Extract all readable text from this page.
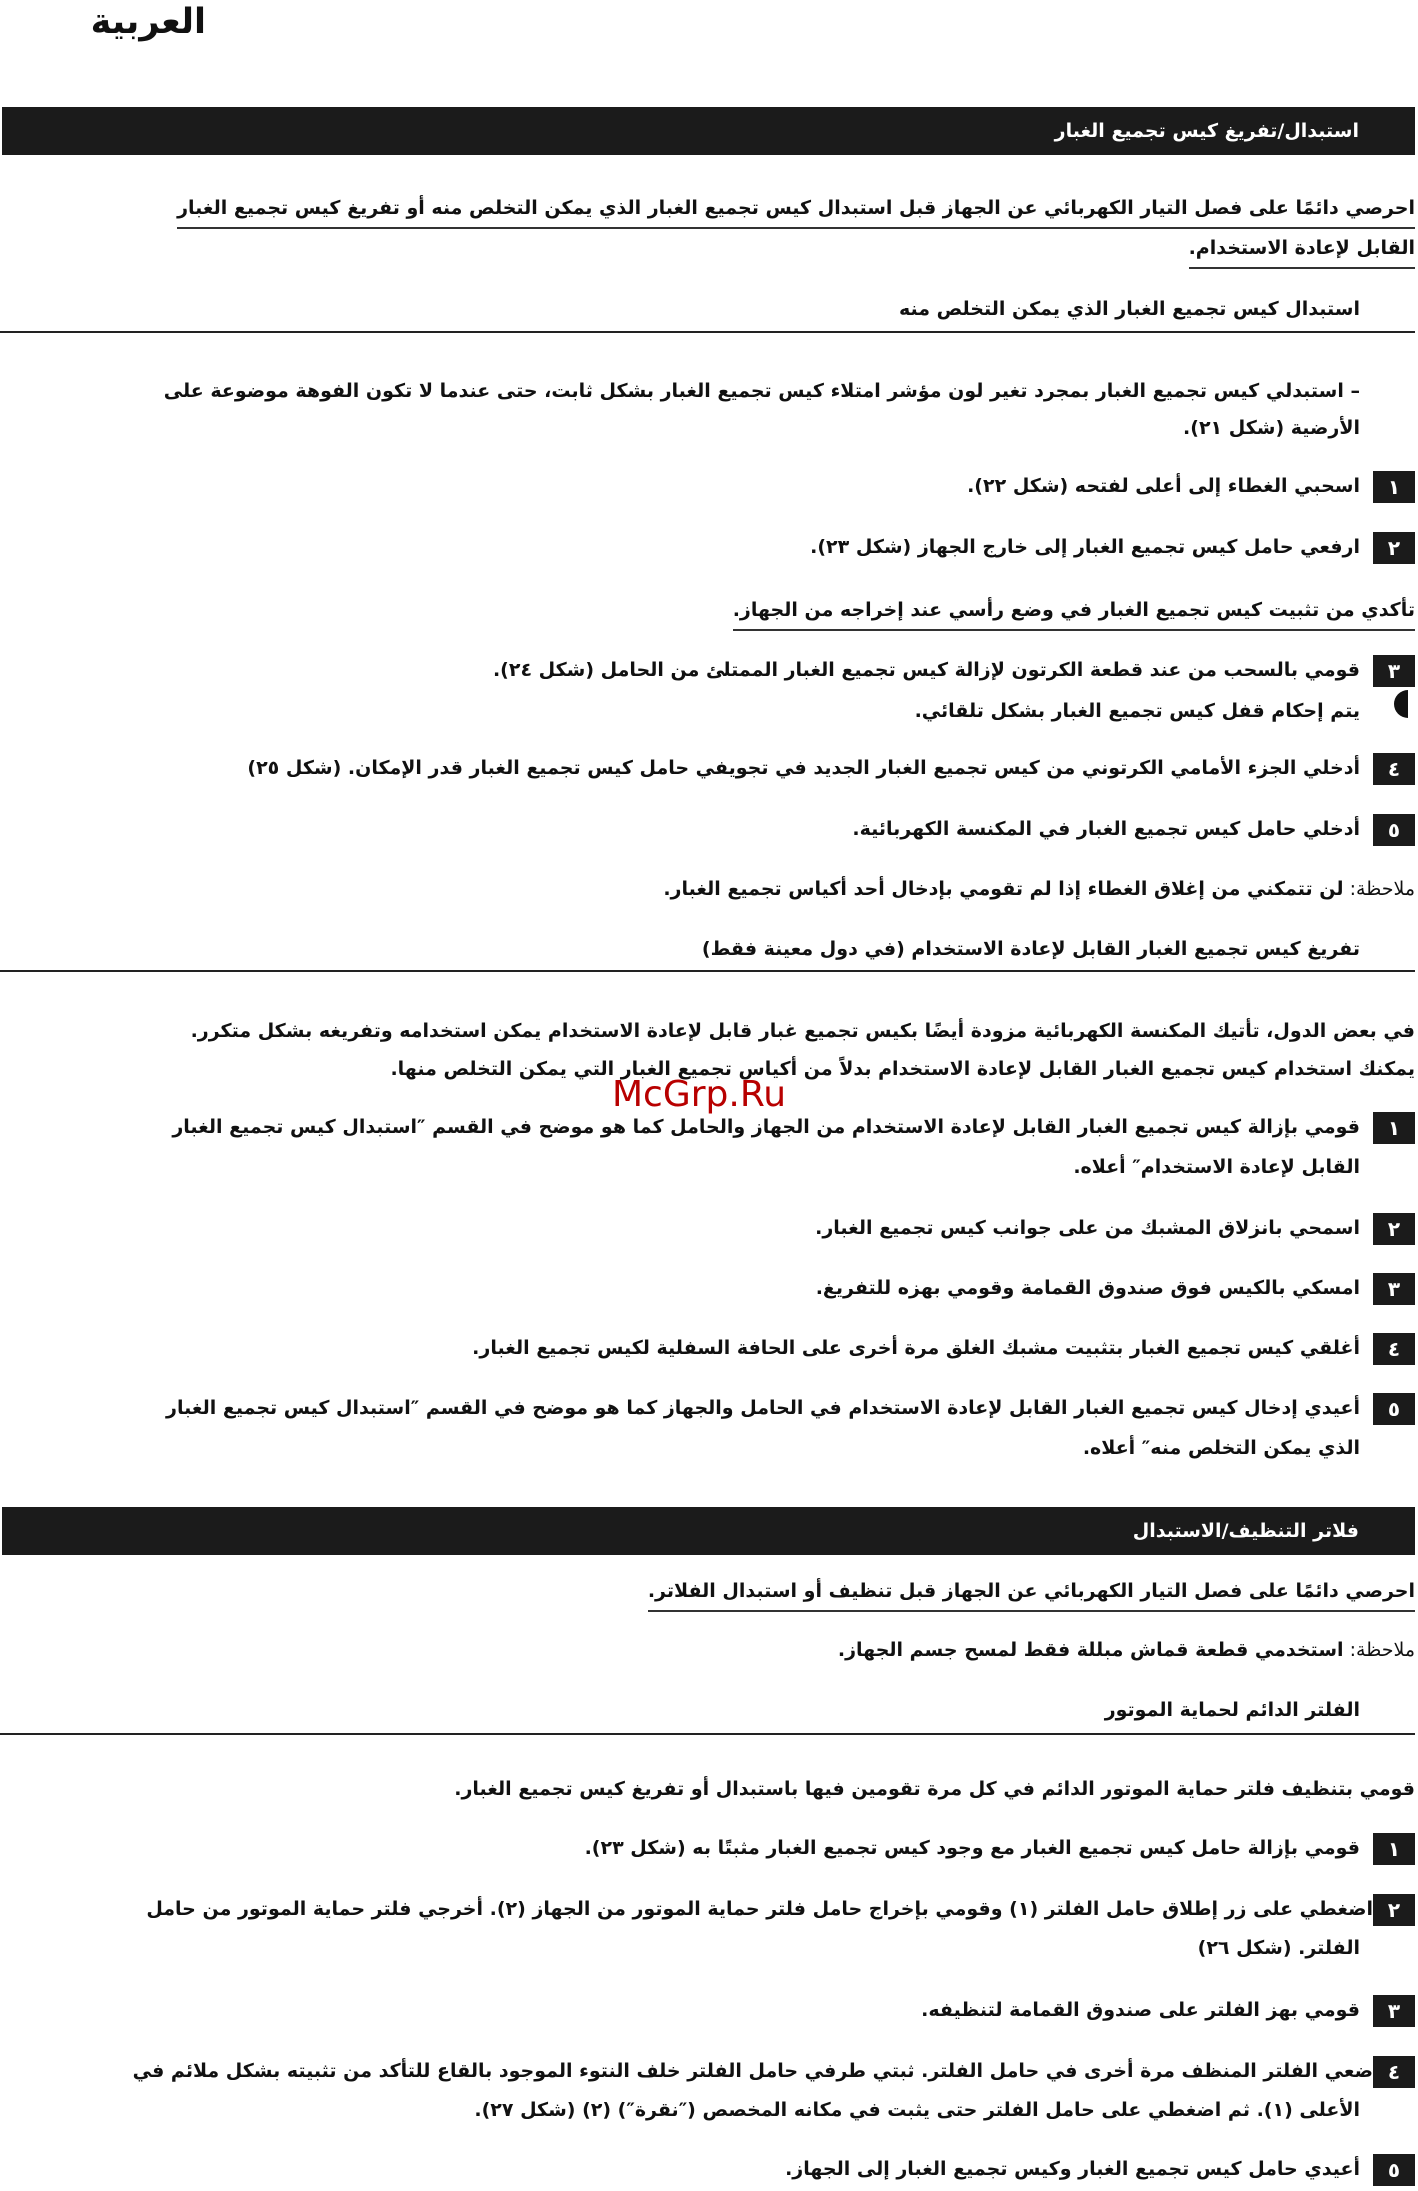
العربية
استبدال/تفريغ كيس تجميع الغبار
احرصي دائمًا على فصل التيار الكهربائي عن الجهاز قبل استبدال كيس تجميع الغبار الذي يمكن التخلص منه أو تفريغ كيس تجميع الغبار
القابل لإعادة الاستخدام.
استبدال كيس تجميع الغبار الذي يمكن التخلص منه
– استبدلي كيس تجميع الغبار بمجرد تغير لون مؤشر امتلاء كيس تجميع الغبار بشكل ثابت، حتى عندما لا تكون الفوهة موضوعة على
الأرضية (شكل ٢١).
١
اسحبي الغطاء إلى أعلى لفتحه (شكل ٢٢).
٢
ارفعي حامل كيس تجميع الغبار إلى خارج الجهاز (شكل ٢٣).
تأكدي من تثبيت كيس تجميع الغبار في وضع رأسي عند إخراجه من الجهاز.
٣
قومي بالسحب من عند قطعة الكرتون لإزالة كيس تجميع الغبار الممتلئ من الحامل (شكل ٢٤).
يتم إحكام قفل كيس تجميع الغبار بشكل تلقائي.
٤
أدخلي الجزء الأمامي الكرتوني من كيس تجميع الغبار الجديد في تجويفي حامل كيس تجميع الغبار قدر الإمكان. (شكل ٢٥)
٥
أدخلي حامل كيس تجميع الغبار في المكنسة الكهربائية.
ملاحظة: لن تتمكني من إغلاق الغطاء إذا لم تقومي بإدخال أحد أكياس تجميع الغبار.
تفريغ كيس تجميع الغبار القابل لإعادة الاستخدام (في دول معينة فقط)
في بعض الدول، تأتيك المكنسة الكهربائية مزودة أيضًا بكيس تجميع غبار قابل لإعادة الاستخدام يمكن استخدامه وتفريغه بشكل متكرر.
يمكنك استخدام كيس تجميع الغبار القابل لإعادة الاستخدام بدلاً من أكياس تجميع الغبار التي يمكن التخلص منها.
McGrp.Ru
١
قومي بإزالة كيس تجميع الغبار القابل لإعادة الاستخدام من الجهاز والحامل كما هو موضح في القسم ″استبدال كيس تجميع الغبار
القابل لإعادة الاستخدام″ أعلاه.
٢
اسمحي بانزلاق المشبك من على جوانب كيس تجميع الغبار.
٣
امسكي بالكيس فوق صندوق القمامة وقومي بهزه للتفريغ.
٤
أغلقي كيس تجميع الغبار بتثبيت مشبك الغلق مرة أخرى على الحافة السفلية لكيس تجميع الغبار.
٥
أعيدي إدخال كيس تجميع الغبار القابل لإعادة الاستخدام في الحامل والجهاز كما هو موضح في القسم ″استبدال كيس تجميع الغبار
الذي يمكن التخلص منه″ أعلاه.
فلاتر التنظيف/الاستبدال
احرصي دائمًا على فصل التيار الكهربائي عن الجهاز قبل تنظيف أو استبدال الفلاتر.
ملاحظة: استخدمي قطعة قماش مبللة فقط لمسح جسم الجهاز.
الفلتر الدائم لحماية الموتور
قومي بتنظيف فلتر حماية الموتور الدائم في كل مرة تقومين فيها باستبدال أو تفريغ كيس تجميع الغبار.
١
قومي بإزالة حامل كيس تجميع الغبار مع وجود كيس تجميع الغبار مثبتًا به (شكل ٢٣).
٢
اضغطي على زر إطلاق حامل الفلتر (١) وقومي بإخراج حامل فلتر حماية الموتور من الجهاز (٢). أخرجي فلتر حماية الموتور من حامل
الفلتر. (شكل ٢٦)
٣
قومي بهز الفلتر على صندوق القمامة لتنظيفه.
٤
ضعي الفلتر المنظف مرة أخرى في حامل الفلتر. ثبتي طرفي حامل الفلتر خلف النتوء الموجود بالقاع للتأكد من تثبيته بشكل ملائم في
الأعلى (١). ثم اضغطي على حامل الفلتر حتى يثبت في مكانه المخصص (″نقرة″) (٢) (شكل ٢٧).
٥
أعيدي حامل كيس تجميع الغبار وكيس تجميع الغبار إلى الجهاز.
